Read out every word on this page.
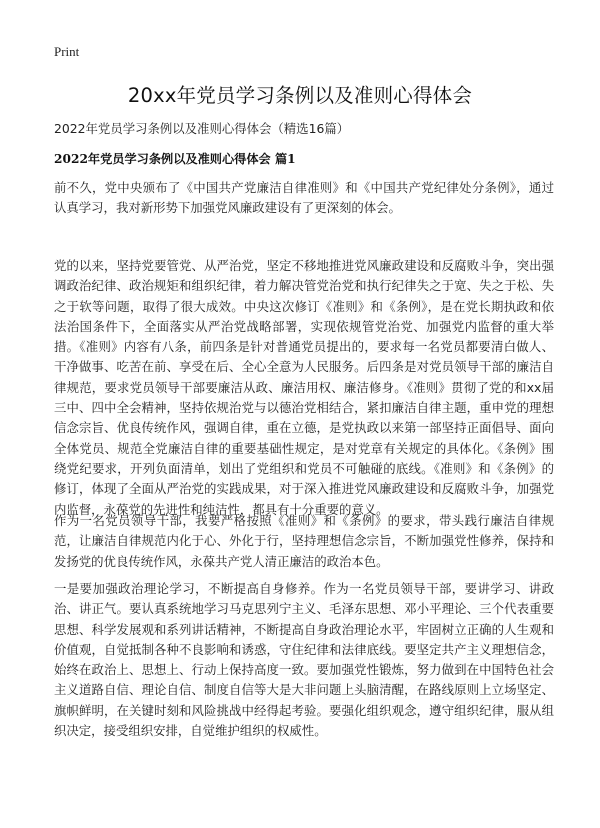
Print
20xx年党员学习条例以及准则心得体会
2022年党员学习条例以及准则心得体会（精选16篇）
2022年党员学习条例以及准则心得体会 篇1

前不久，党中央颁布了《中国共产党廉洁自律准则》和《中国共产党纪律处分条例》，通过认真学习，我对新形势下加强党风廉政建设有了更深刻的体会。

党的以来，坚持党要管党、从严治党，坚定不移地推进党风廉政建设和反腐败斗争，突出强调政治纪律、政治规矩和组织纪律，着力解决管党治党和执行纪律失之于宽、失之于松、失之于软等问题，取得了很大成效。中央这次修订《准则》和《条例》，是在党长期执政和依法治国条件下，全面落实从严治党战略部署，实现依规管党治党、加强党内监督的重大举措。《准则》内容有八条，前四条是针对普通党员提出的，要求每一名党员都要清白做人、干净做事、吃苦在前、享受在后、全心全意为人民服务。后四条是对党员领导干部的廉洁自律规范，要求党员领导干部要廉洁从政、廉洁用权、廉洁修身。《准则》贯彻了党的和xx届三中、四中全会精神，坚持依规治党与以德治党相结合，紧扣廉洁自律主题，重申党的理想信念宗旨、优良传统作风，强调自律，重在立德，是党执政以来第一部坚持正面倡导、面向全体党员、规范全党廉洁自律的重要基础性规定，是对党章有关规定的具体化。《条例》围绕党纪要求，开列负面清单，划出了党组织和党员不可触碰的底线。《准则》和《条例》的修订，体现了全面从严治党的实践成果，对于深入推进党风廉政建设和反腐败斗争，加强党内监督，永葆党的先进性和纯洁性，都具有十分重要的意义。

作为一名党员领导干部，我要严格按照《准则》和《条例》的要求，带头践行廉洁自律规范，让廉洁自律规范内化于心、外化于行，坚持理想信念宗旨，不断加强党性修养，保持和发扬党的优良传统作风，永葆共产党人清正廉洁的政治本色。

一是要加强政治理论学习，不断提高自身修养。作为一名党员领导干部，要讲学习、讲政治、讲正气。要认真系统地学习马克思列宁主义、毛泽东思想、邓小平理论、三个代表重要思想、科学发展观和系列讲话精神，不断提高自身政治理论水平，牢固树立正确的人生观和价值观，自觉抵制各种不良影响和诱惑，守住纪律和法律底线。要坚定共产主义理想信念，始终在政治上、思想上、行动上保持高度一致。要加强党性锻炼，努力做到在中国特色社会主义道路自信、理论自信、制度自信等大是大非问题上头脑清醒，在路线原则上立场坚定、旗帜鲜明，在关键时刻和风险挑战中经得起考验。要强化组织观念，遵守组织纪律，服从组织决定，接受组织安排，自觉维护组织的权威性。
